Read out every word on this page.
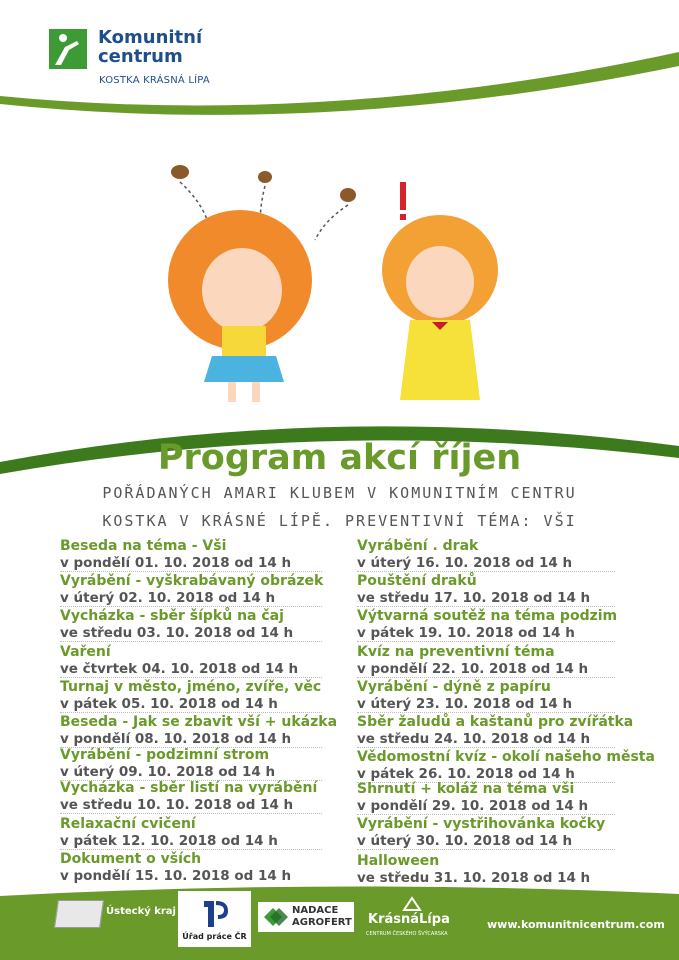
Komunitní
centrum
KOSTKA KRÁSNÁ LÍPA
Program akcí říjen
POŘÁDANÝCH AMARI KLUBEM V KOMUNITNÍM CENTRU
KOSTKA V KRÁSNÉ LÍPĚ. PREVENTIVNÍ TÉMA: VŠI
Beseda na téma - Vši
v pondělí 01. 10. 2018 od 14 h
Vyrábění - vyškrabávaný obrázek
v úterý 02. 10. 2018 od 14 h
Vycházka - sběr šípků na čaj
ve středu 03. 10. 2018 od 14 h
Vaření
ve čtvrtek 04. 10. 2018 od 14 h
Turnaj v město, jméno, zvíře, věc
v pátek 05. 10. 2018 od 14 h
Beseda - Jak se zbavit vší + ukázka
v pondělí 08. 10. 2018 od 14 h
Vyrábění - podzimní strom
v úterý 09. 10. 2018 od 14 h
Vycházka - sběr listí na vyrábění
ve středu 10. 10. 2018 od 14 h
Relaxační cvičení
v pátek 12. 10. 2018 od 14 h
Dokument o vších
v pondělí 15. 10. 2018 od 14 h
Vyrábění . drak
v úterý 16. 10. 2018 od 14 h
Pouštění draků
ve středu 17. 10. 2018 od 14 h
Výtvarná soutěž na téma podzim
v pátek 19. 10. 2018 od 14 h
Kvíz na preventivní téma
v pondělí 22. 10. 2018 od 14 h
Vyrábění - dýně z papíru
v úterý 23. 10. 2018 od 14 h
Sběr žaludů a kaštanů pro zvířátka
ve středu 24. 10. 2018 od 14 h
Vědomostní kvíz - okolí našeho města
v pátek 26. 10. 2018 od 14 h
Shrnutí + koláž na téma vši
v pondělí 29. 10. 2018 od 14 h
Vyrábění - vystřihovánka kočky
v úterý 30. 10. 2018 od 14 h
Halloween
ve středu 31. 10. 2018 od 14 h
Ústecký kraj
Úřad práce ČR
NADACE
AGROFERT KrásnáLípa
CENTRUM ČESKÉHO ŠVÝCARSKA
www.komunitnicentrum.com
